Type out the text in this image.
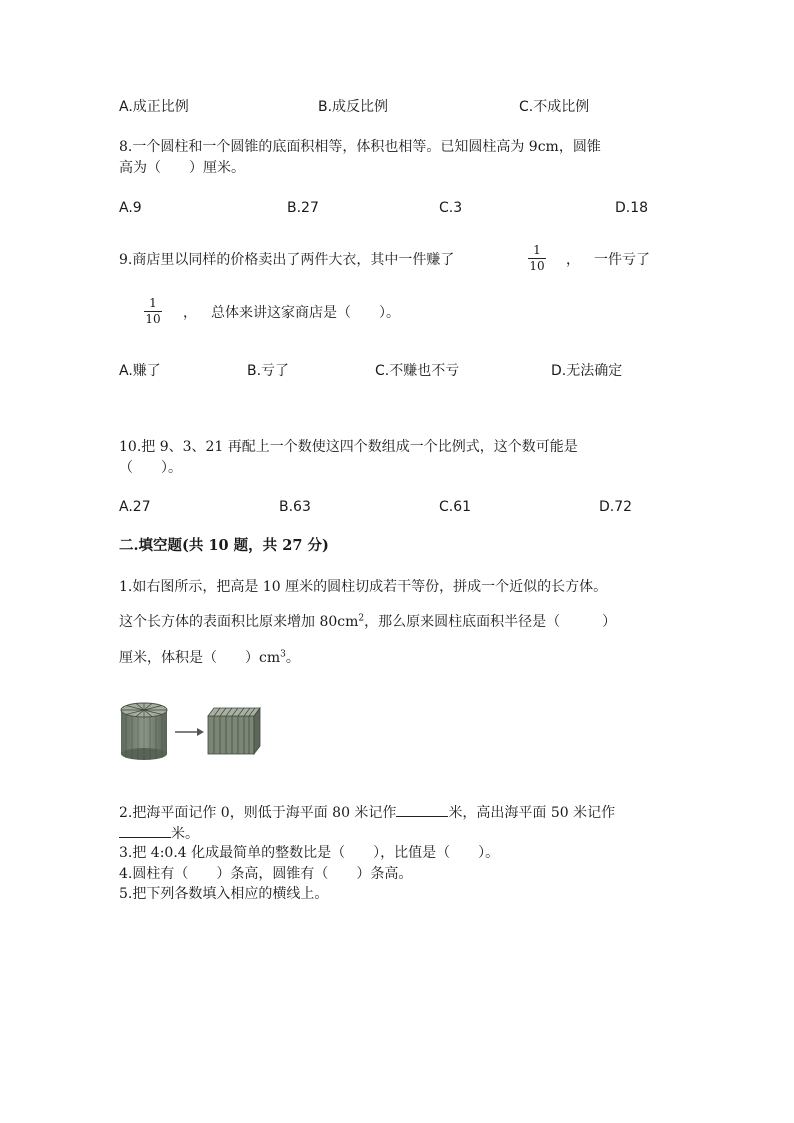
A.成正比例	B.成反比例	C.不成比例
8.一个圆柱和一个圆锥的底面积相等，体积也相等。已知圆柱高为 9cm，圆锥
高为（　　）厘米。
A.9	B.27	C.3	D.18
9.商店里以同样的价格卖出了两件大衣，其中一件赚了
1
10 ， 一件亏了
1
10 ， 总体来讲这家商店是（　　）。
A.赚了	B.亏了	C.不赚也不亏	D.无法确定
10.把 9、3、21 再配上一个数使这四个数组成一个比例式，这个数可能是
（　　）。
A.27	B.63	C.61	D.72
二.填空题(共 10 题，共 27 分)
1.如右图所示，把高是 10 厘米的圆柱切成若干等份，拼成一个近似的长方体。
这个长方体的表面积比原来增加 $80cm^2$，那么原来圆柱底面积半径是（　　　）
厘米，体积是（　　）$cm^3$。
2.把海平面记作 0，则低于海平面 80 米记作	米，高出海平面 50 米记作
米。
3.把 4:0.4 化成最简单的整数比是（　　），比值是（　　）。
4.圆柱有（　　）条高，圆锥有（　　）条高。
5.把下列各数填入相应的横线上。
